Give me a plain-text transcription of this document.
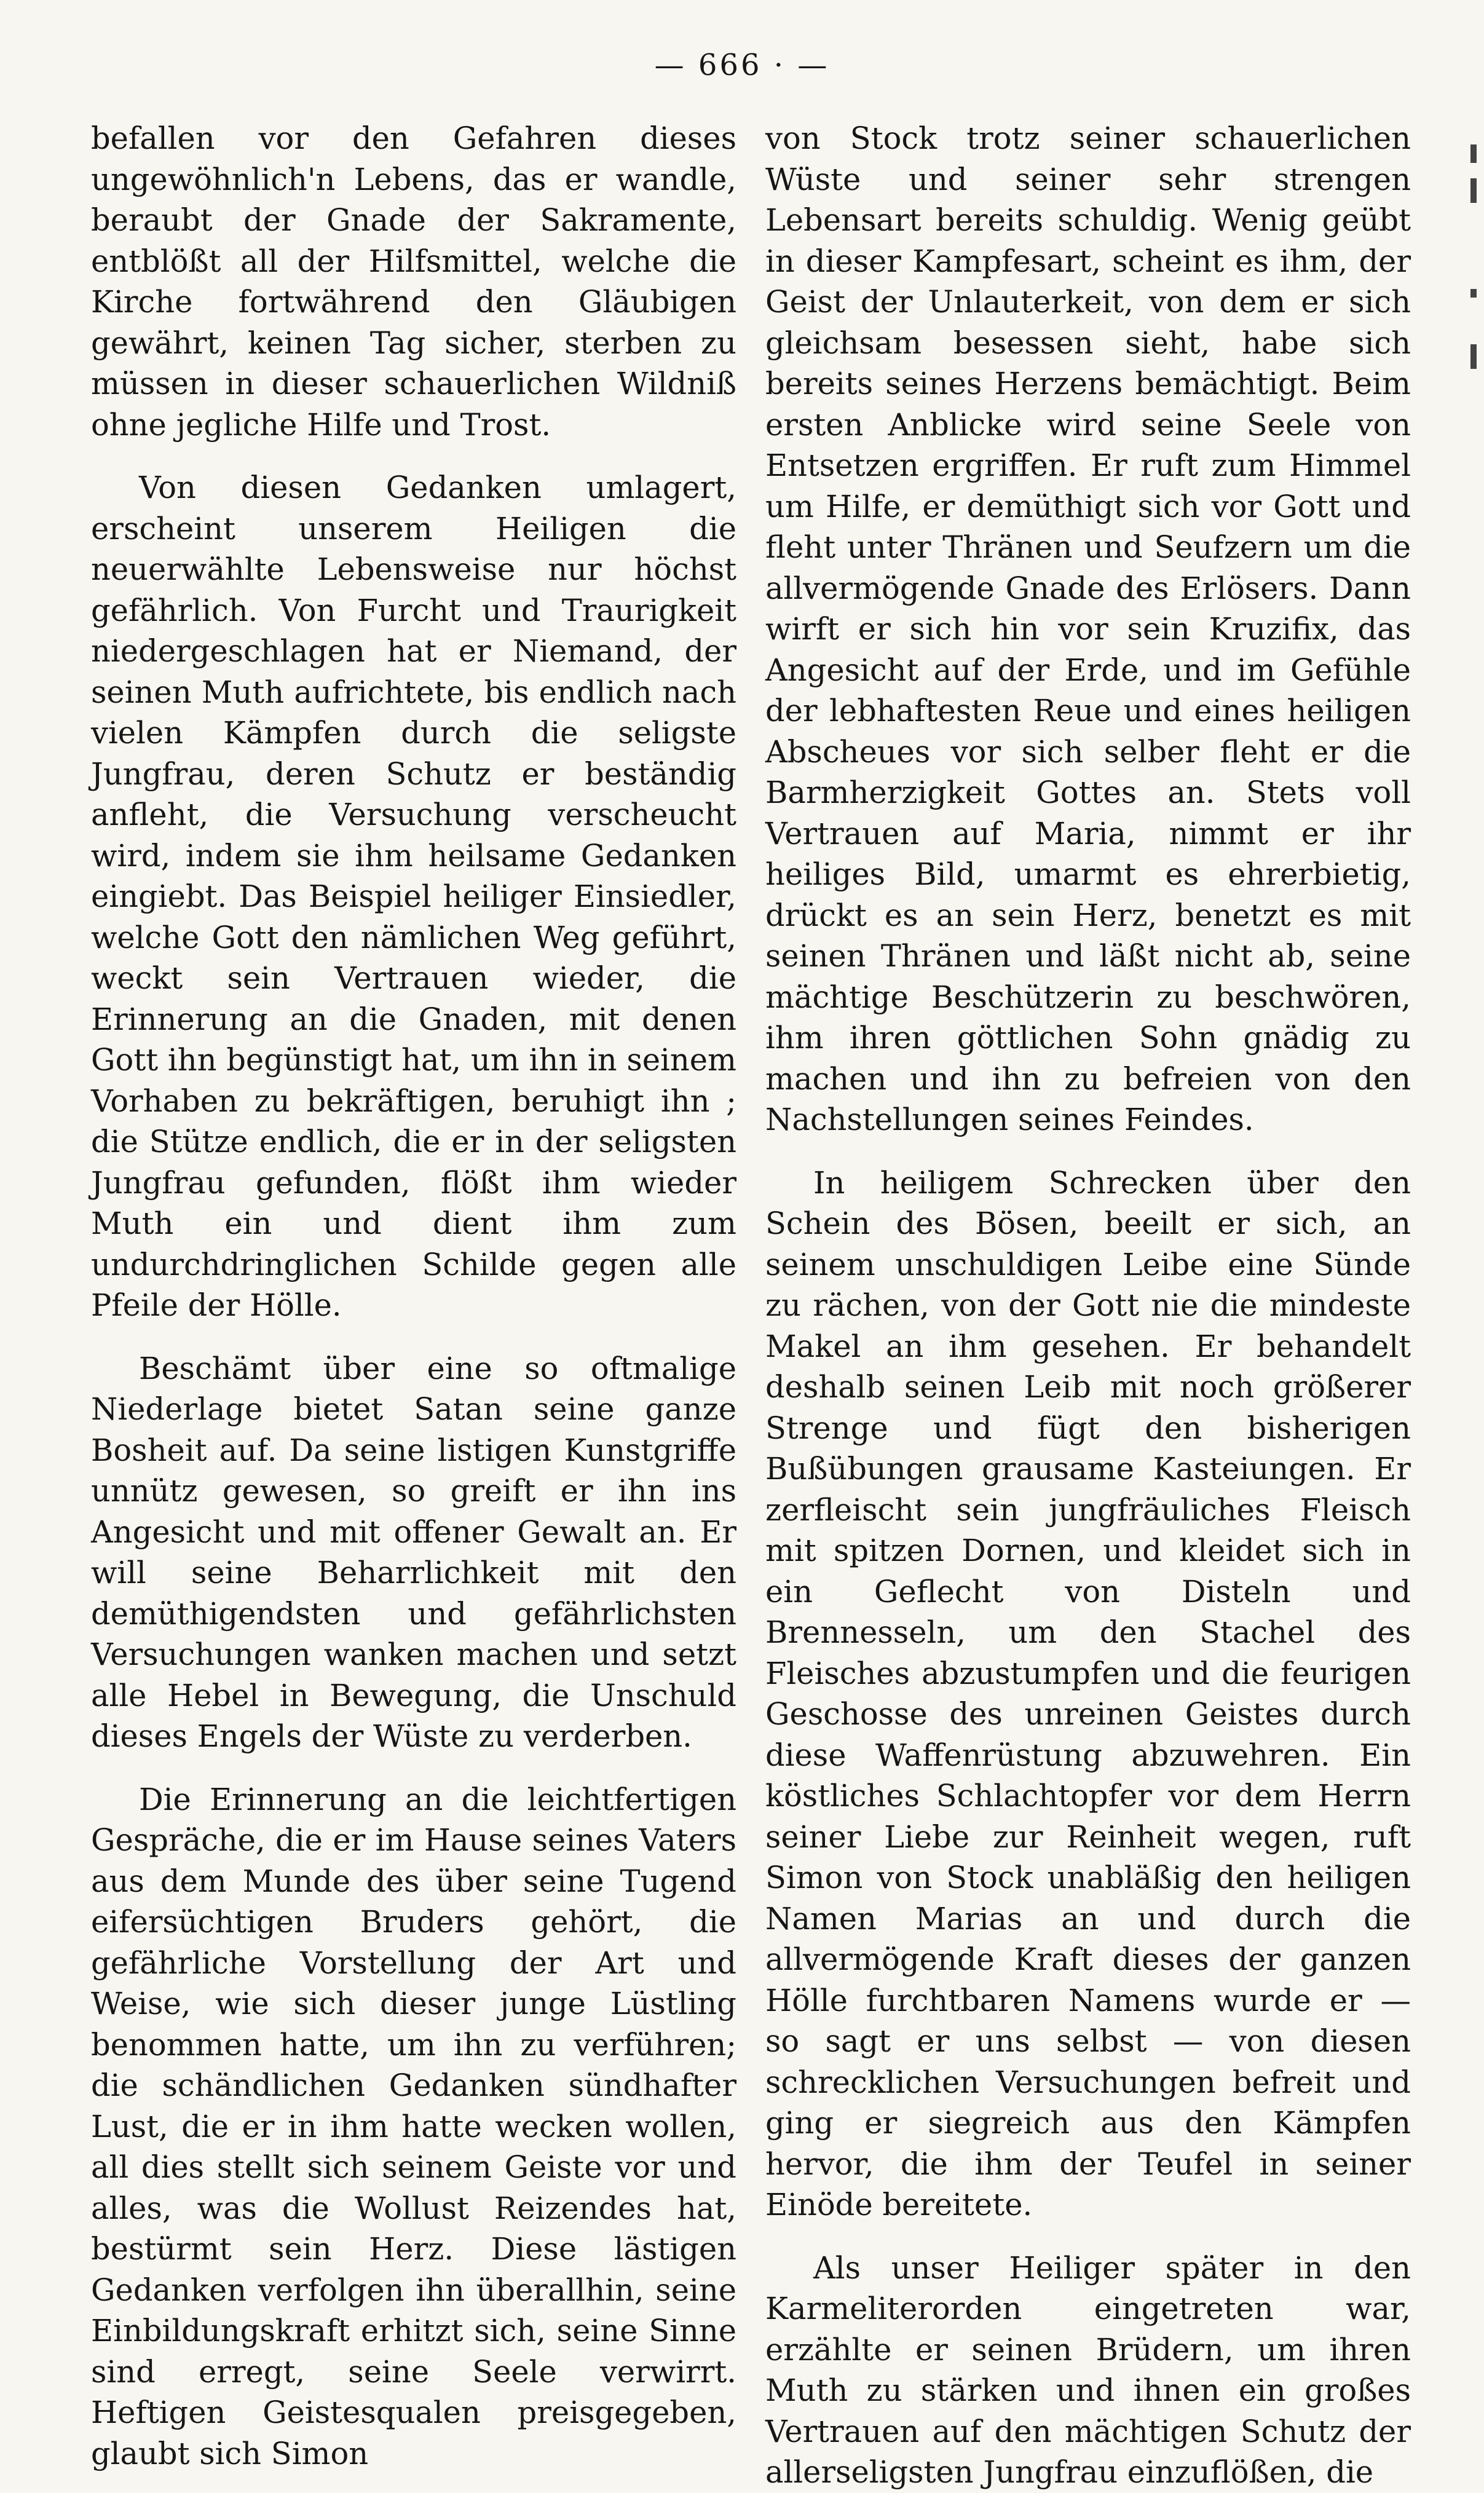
— 666 · —

befallen vor den Gefahren dieses ungewöhnlich'n Lebens, das er wandle, beraubt der Gnade der Sakramente, entblößt all der Hilfsmittel, welche die Kirche fortwährend den Gläubigen gewährt, keinen Tag sicher, sterben zu müssen in dieser schauerlichen Wildniß ohne jegliche Hilfe und Trost.

Von diesen Gedanken umlagert, erscheint unserem Heiligen die neuerwählte Lebensweise nur höchst gefährlich. Von Furcht und Traurigkeit niedergeschlagen hat er Niemand, der seinen Muth aufrichtete, bis endlich nach vielen Kämpfen durch die seligste Jungfrau, deren Schutz er beständig anfleht, die Versuchung verscheucht wird, indem sie ihm heilsame Gedanken eingiebt. Das Beispiel heiliger Einsiedler, welche Gott den nämlichen Weg geführt, weckt sein Vertrauen wieder, die Erinnerung an die Gnaden, mit denen Gott ihn begünstigt hat, um ihn in seinem Vorhaben zu bekräftigen, beruhigt ihn ; die Stütze endlich, die er in der seligsten Jungfrau gefunden, flößt ihm wieder Muth ein und dient ihm zum undurchdringlichen Schilde gegen alle Pfeile der Hölle.

Beschämt über eine so oftmalige Niederlage bietet Satan seine ganze Bosheit auf. Da seine listigen Kunstgriffe unnütz gewesen, so greift er ihn ins Angesicht und mit offener Gewalt an. Er will seine Beharrlichkeit mit den demüthigendsten und gefährlichsten Versuchungen wanken machen und setzt alle Hebel in Bewegung, die Unschuld dieses Engels der Wüste zu verderben.

Die Erinnerung an die leichtfertigen Gespräche, die er im Hause seines Vaters aus dem Munde des über seine Tugend eifersüchtigen Bruders gehört, die gefährliche Vorstellung der Art und Weise, wie sich dieser junge Lüstling benommen hatte, um ihn zu verführen; die schändlichen Gedanken sündhafter Lust, die er in ihm hatte wecken wollen, all dies stellt sich seinem Geiste vor und alles, was die Wollust Reizendes hat, bestürmt sein Herz. Diese lästigen Gedanken verfolgen ihn überallhin, seine Einbildungskraft erhitzt sich, seine Sinne sind erregt, seine Seele verwirrt. Heftigen Geistesqualen preisgegeben, glaubt sich Simon

von Stock trotz seiner schauerlichen Wüste und seiner sehr strengen Lebensart bereits schuldig. Wenig geübt in dieser Kampfesart, scheint es ihm, der Geist der Unlauterkeit, von dem er sich gleichsam besessen sieht, habe sich bereits seines Herzens bemächtigt. Beim ersten Anblicke wird seine Seele von Entsetzen ergriffen. Er ruft zum Himmel um Hilfe, er demüthigt sich vor Gott und fleht unter Thränen und Seufzern um die allvermögende Gnade des Erlösers. Dann wirft er sich hin vor sein Kruzifix, das Angesicht auf der Erde, und im Gefühle der lebhaftesten Reue und eines heiligen Abscheues vor sich selber fleht er die Barmherzigkeit Gottes an. Stets voll Vertrauen auf Maria, nimmt er ihr heiliges Bild, umarmt es ehrerbietig, drückt es an sein Herz, benetzt es mit seinen Thränen und läßt nicht ab, seine mächtige Beschützerin zu beschwören, ihm ihren göttlichen Sohn gnädig zu machen und ihn zu befreien von den Nachstellungen seines Feindes.

In heiligem Schrecken über den Schein des Bösen, beeilt er sich, an seinem unschuldigen Leibe eine Sünde zu rächen, von der Gott nie die mindeste Makel an ihm gesehen. Er behandelt deshalb seinen Leib mit noch größerer Strenge und fügt den bisherigen Bußübungen grausame Kasteiungen. Er zerfleischt sein jungfräuliches Fleisch mit spitzen Dornen, und kleidet sich in ein Geflecht von Disteln und Brennesseln, um den Stachel des Fleisches abzustumpfen und die feurigen Geschosse des unreinen Geistes durch diese Waffenrüstung abzuwehren. Ein köstliches Schlachtopfer vor dem Herrn seiner Liebe zur Reinheit wegen, ruft Simon von Stock unabläßig den heiligen Namen Marias an und durch die allvermögende Kraft dieses der ganzen Hölle furchtbaren Namens wurde er — so sagt er uns selbst — von diesen schrecklichen Versuchungen befreit und ging er siegreich aus den Kämpfen hervor, die ihm der Teufel in seiner Einöde bereitete.

Als unser Heiliger später in den Karmeliterorden eingetreten war, erzählte er seinen Brüdern, um ihren Muth zu stärken und ihnen ein großes Vertrauen auf den mächtigen Schutz der allerseligsten Jungfrau einzuflößen, die
